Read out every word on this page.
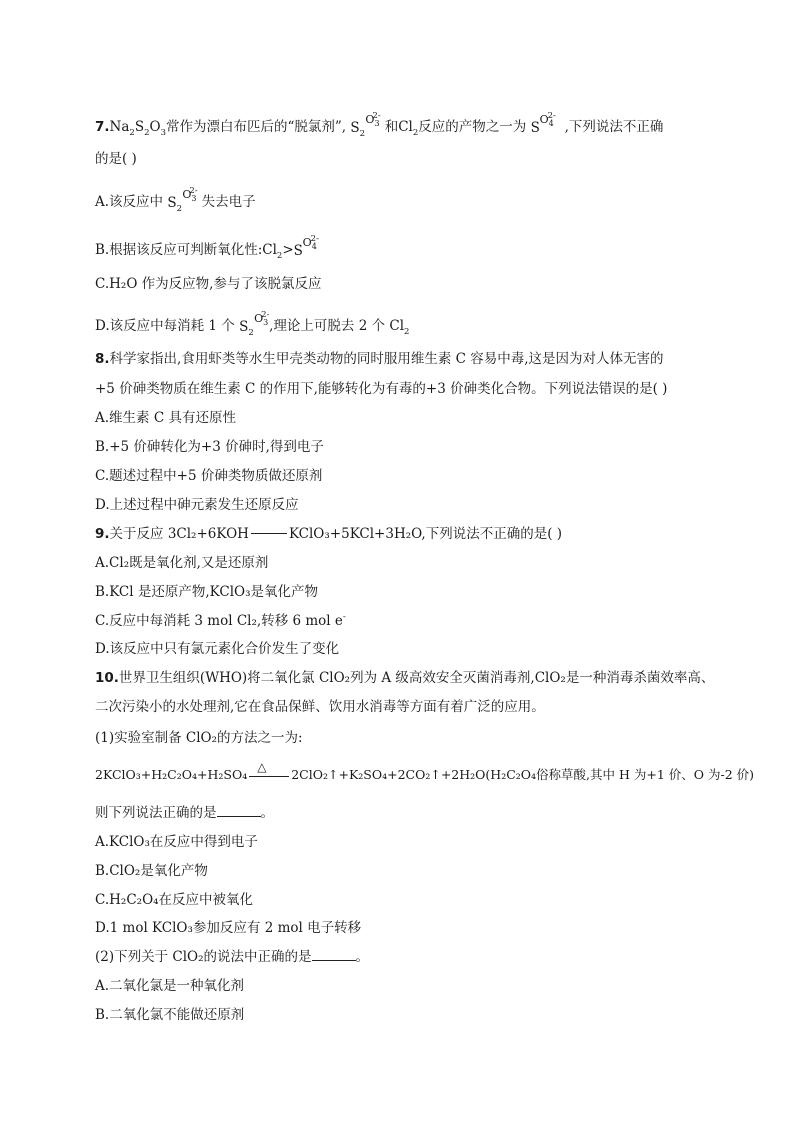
$7.Na_2S_2O_3$常作为漂白布匹后的“脱氯剂”, $S_2$
$O_3$
2-
和$Cl_2$反应的产物之一为 S
$O_4$
2-
,下列说法不正确
的是( )
A.该反应中 $S_2$
$O_3$
2-
失去电子
B.根据该反应可判断氧化性$:Cl_2> S$
$O_4$
2-
C.H₂O 作为反应物,参与了该脱氯反应
D.该反应中每消耗 1 个 $S_2$
$O_3$
2-
,理论上可脱去 2 个 $Cl_2$
8.科学家指出,食用虾类等水生甲壳类动物的同时服用维生素 C 容易中毒,这是因为对人体无害的
+5 价砷类物质在维生素 C 的作用下,能够转化为有毒的+3 价砷类化合物。下列说法错误的是( )
A.维生素 C 具有还原性
B.+5 价砷转化为+3 价砷时,得到电子
C.题述过程中+5 价砷类物质做还原剂
D.上述过程中砷元素发生还原反应
9.关于反应 3Cl₂+6KOH	KClO₃+5KCl+3H₂O,下列说法不正确的是( )
A.Cl₂既是氧化剂,又是还原剂
B.KCl 是还原产物,KClO₃是氧化产物
C.反应中每消耗 3 mol Cl₂,转移 6 mol e-
D.该反应中只有氯元素化合价发生了变化
10.世界卫生组织(WHO)将二氧化氯 ClO₂列为 A 级高效安全灭菌消毒剂,ClO₂是一种消毒杀菌效率高、
二次污染小的水处理剂,它在食品保鲜、饮用水消毒等方面有着广泛的应用。
(1)实验室制备 ClO₂的方法之一为:
2KClO₃+H₂C₂O₄+H₂SO₄ △ 2ClO₂↑+K₂SO₄+2CO₂↑+2H₂O(H₂C₂O₄俗称草酸,其中 H 为+1 价、O 为-2 价)
则下列说法正确的是	。
A.KClO₃在反应中得到电子
B.ClO₂是氧化产物
C.H₂C₂O₄在反应中被氧化
D.1 mol KClO₃参加反应有 2 mol 电子转移
(2)下列关于 ClO₂的说法中正确的是	。
A.二氧化氯是一种氧化剂
B.二氧化氯不能做还原剂
